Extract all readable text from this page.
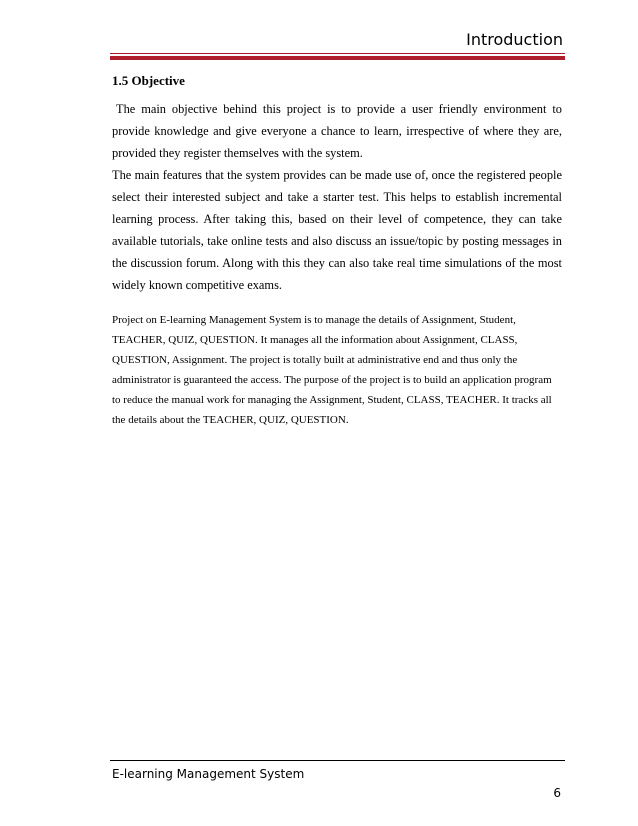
Introduction
1.5 Objective

The main objective behind this project is to provide a user friendly environment to provide knowledge and give everyone a chance to learn, irrespective of where they are, provided they register themselves with the system.

The main features that the system provides can be made use of, once the registered people select their interested subject and take a starter test. This helps to establish incremental learning process. After taking this, based on their level of competence, they can take available tutorials, take online tests and also discuss an issue/topic by posting messages in the discussion forum. Along with this they can also take real time simulations of the most widely known competitive exams.

Project on E-learning Management System is to manage the details of Assignment, Student, TEACHER, QUIZ, QUESTION. It manages all the information about Assignment, CLASS, QUESTION, Assignment. The project is totally built at administrative end and thus only the administrator is guaranteed the access. The purpose of the project is to build an application program to reduce the manual work for managing the Assignment, Student, CLASS, TEACHER. It tracks all the details about the TEACHER, QUIZ, QUESTION.

E-learning Management System
6
